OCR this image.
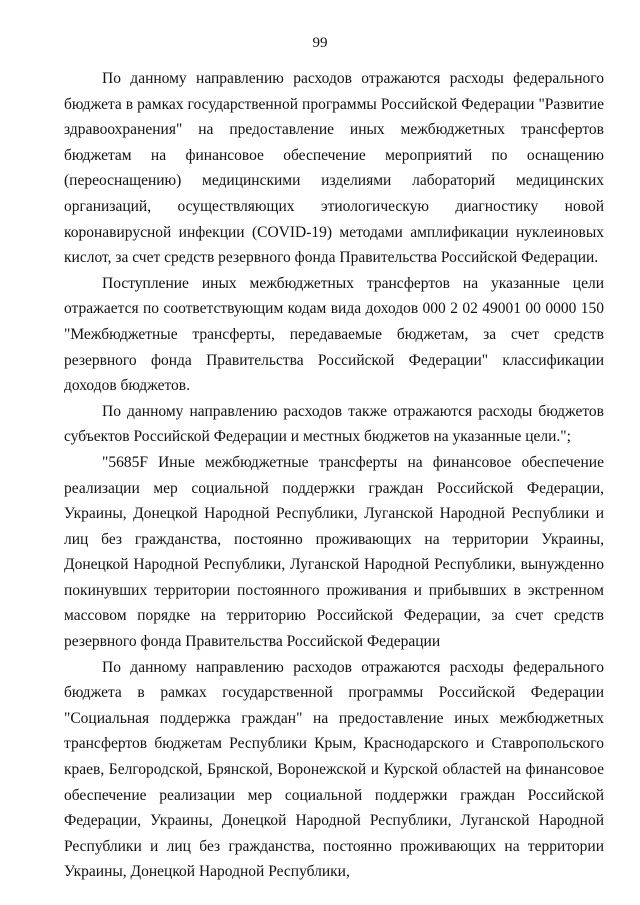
99

По данному направлению расходов отражаются расходы федерального бюджета в рамках государственной программы Российской Федерации "Развитие здравоохранения" на предоставление иных межбюджетных трансфертов бюджетам на финансовое обеспечение мероприятий по оснащению (переоснащению) медицинскими изделиями лабораторий медицинских организаций, осуществляющих этиологическую диагностику новой коронавирусной инфекции (COVID-19) методами амплификации нуклеиновых кислот, за счет средств резервного фонда Правительства Российской Федерации.

Поступление иных межбюджетных трансфертов на указанные цели отражается по соответствующим кодам вида доходов 000 2 02 49001 00 0000 150 "Межбюджетные трансферты, передаваемые бюджетам, за счет средств резервного фонда Правительства Российской Федерации" классификации доходов бюджетов.

По данному направлению расходов также отражаются расходы бюджетов субъектов Российской Федерации и местных бюджетов на указанные цели.";

"5685F Иные межбюджетные трансферты на финансовое обеспечение реализации мер социальной поддержки граждан Российской Федерации, Украины, Донецкой Народной Республики, Луганской Народной Республики и лиц без гражданства, постоянно проживающих на территории Украины, Донецкой Народной Республики, Луганской Народной Республики, вынужденно покинувших территории постоянного проживания и прибывших в экстренном массовом порядке на территорию Российской Федерации, за счет средств резервного фонда Правительства Российской Федерации

По данному направлению расходов отражаются расходы федерального бюджета в рамках государственной программы Российской Федерации "Социальная поддержка граждан" на предоставление иных межбюджетных трансфертов бюджетам Республики Крым, Краснодарского и Ставропольского краев, Белгородской, Брянской, Воронежской и Курской областей на финансовое обеспечение реализации мер социальной поддержки граждан Российской Федерации, Украины, Донецкой Народной Республики, Луганской Народной Республики и лиц без гражданства, постоянно проживающих на территории Украины, Донецкой Народной Республики,
